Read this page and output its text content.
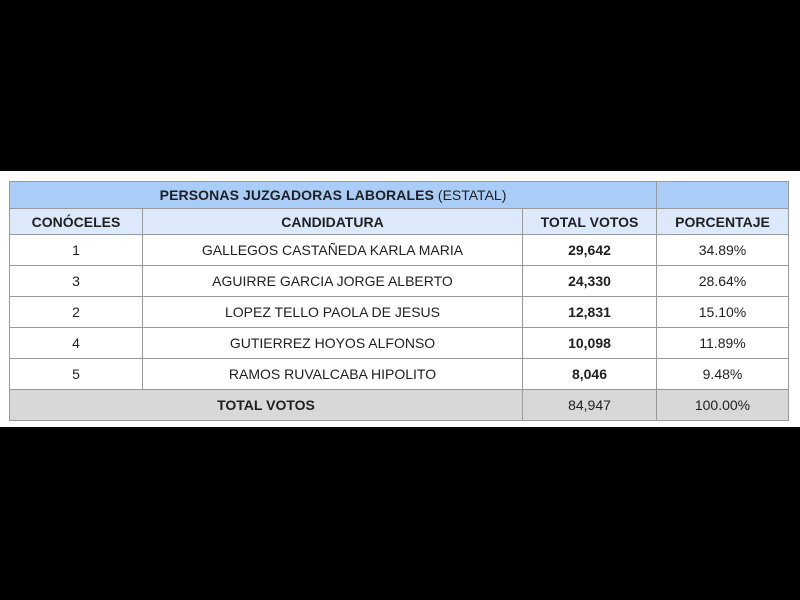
PERSONAS JUZGADORAS LABORALES (ESTATAL)			
CONÓCELES	CANDIDATURA	TOTAL VOTOS	PORCENTAJE
1	GALLEGOS CASTAÑEDA KARLA MARIA	29,642	34.89%
3	AGUIRRE GARCIA JORGE ALBERTO	24,330	28.64%
2	LOPEZ TELLO PAOLA DE JESUS	12,831	15.10%
4	GUTIERREZ HOYOS ALFONSO	10,098	11.89%
5	RAMOS RUVALCABA HIPOLITO	8,046	9.48%
TOTAL VOTOS		84,947	100.00%
